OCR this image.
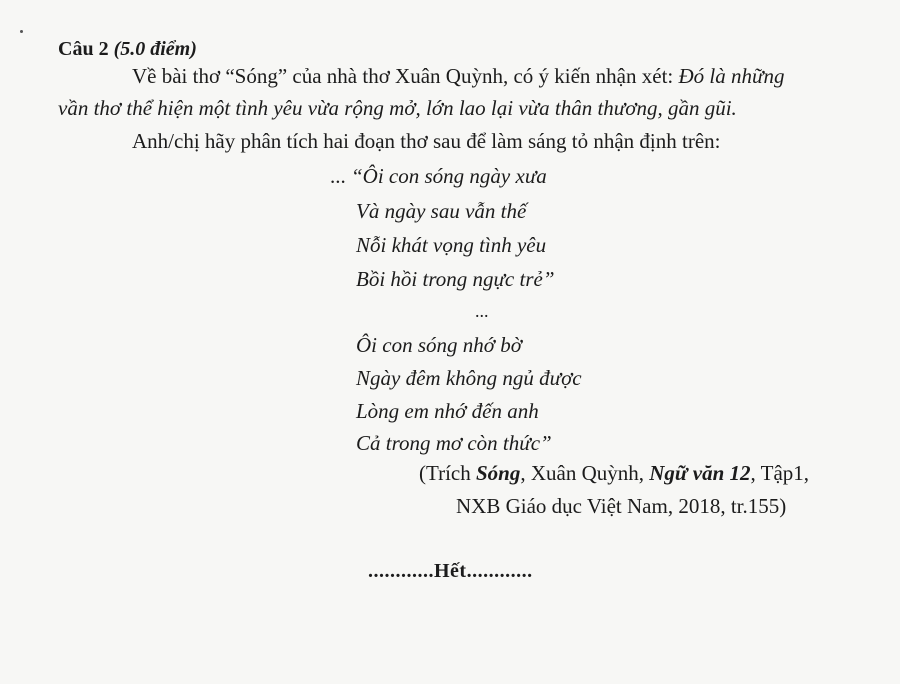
Câu 2 (5.0 điểm)
Về bài thơ “Sóng” của nhà thơ Xuân Quỳnh, có ý kiến nhận xét: Đó là những
vần thơ thể hiện một tình yêu vừa rộng mở, lớn lao lại vừa thân thương, gần gũi.
Anh/chị hãy phân tích hai đoạn thơ sau để làm sáng tỏ nhận định trên:
... “Ôi con sóng ngày xưa
Và ngày sau vẫn thế
Nỗi khát vọng tình yêu
Bồi hồi trong ngực trẻ”
...
Ôi con sóng nhớ bờ
Ngày đêm không ngủ được
Lòng em nhớ đến anh
Cả trong mơ còn thức”
(Trích Sóng, Xuân Quỳnh, Ngữ văn 12, Tập1,
NXB Giáo dục Việt Nam, 2018, tr.155)
............Hết............
